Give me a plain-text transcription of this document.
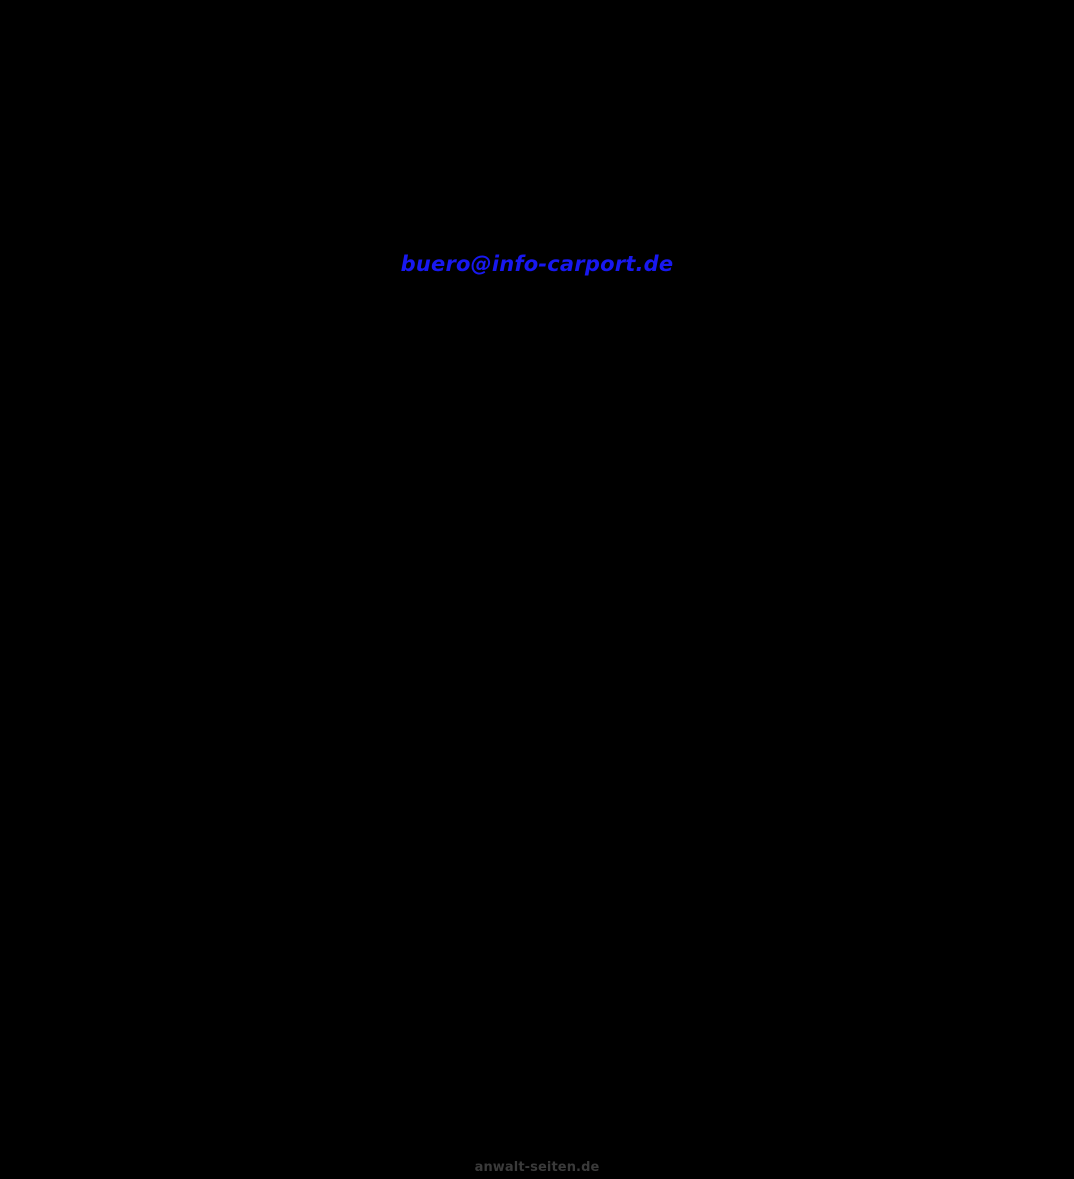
buero@info-carport.de
anwalt-seiten.de
